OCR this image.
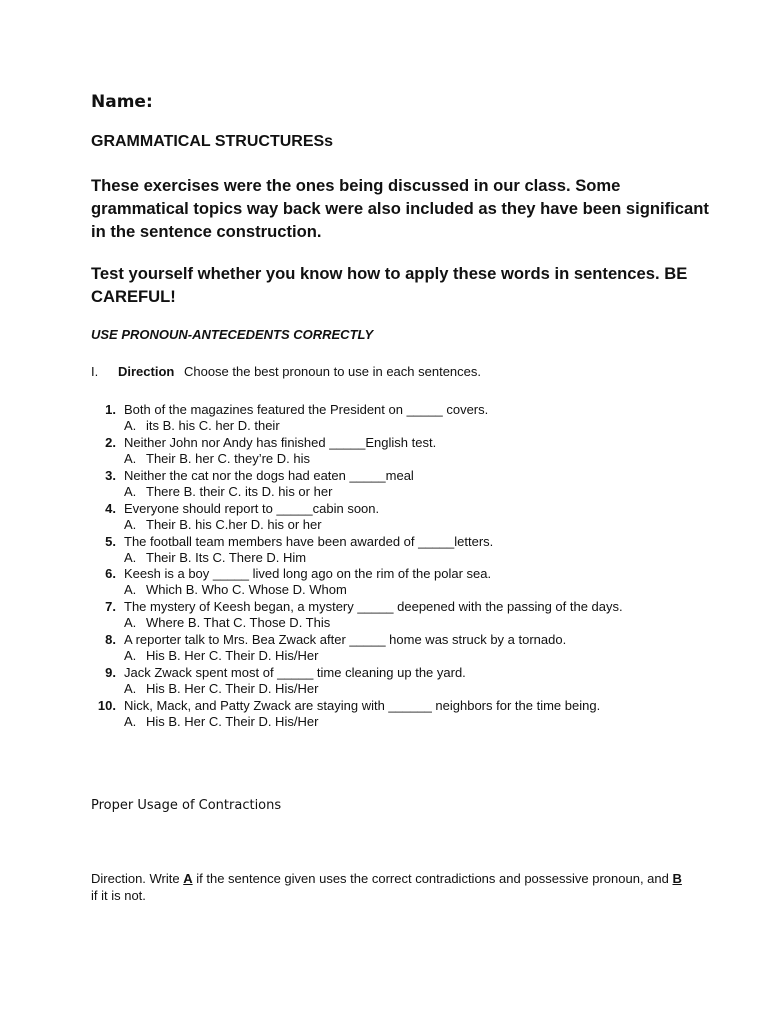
Name:

GRAMMATICAL STRUCTURESs

These exercises were the ones being discussed in our class. Some grammatical topics way back were also included as they have been significant in the sentence construction.

Test yourself whether you know how to apply these words in sentences. BE CAREFUL!

USE PRONOUN-ANTECEDENTS CORRECTLY

I. Direction Choose the best pronoun to use in each sentences.

1. Both of the magazines featured the President on _____ covers.
A. its B. his C. her D. their
2. Neither John nor Andy has finished _____English test.
A. Their B. her C. they’re D. his
3. Neither the cat nor the dogs had eaten _____meal
A. There B. their C. its D. his or her
4. Everyone should report to _____cabin soon.
A. Their B. his C.her D. his or her
5. The football team members have been awarded of _____letters.
A. Their B. Its C. There D. Him
6. Keesh is a boy _____ lived long ago on the rim of the polar sea.
A. Which B. Who C. Whose D. Whom
7. The mystery of Keesh began, a mystery _____ deepened with the passing of the days.
A. Where B. That C. Those D. This
8. A reporter talk to Mrs. Bea Zwack after _____ home was struck by a tornado.
A. His B. Her C. Their D. His/Her
9. Jack Zwack spent most of _____ time cleaning up the yard.
A. His B. Her C. Their D. His/Her
10. Nick, Mack, and Patty Zwack are staying with ______ neighbors for the time being.
A. His B. Her C. Their D. His/Her

Proper Usage of Contractions

Direction. Write A if the sentence given uses the correct contradictions and possessive pronoun, and B if it is not.
